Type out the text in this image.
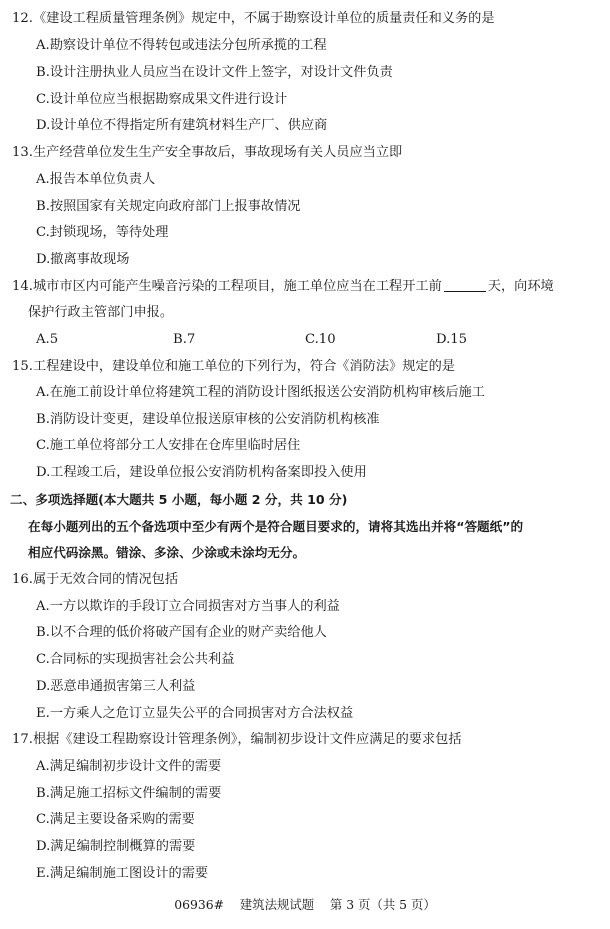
12.《建设工程质量管理条例》规定中，不属于勘察设计单位的质量责任和义务的是
A.勘察设计单位不得转包或违法分包所承揽的工程
B.设计注册执业人员应当在设计文件上签字，对设计文件负责
C.设计单位应当根据勘察成果文件进行设计
D.设计单位不得指定所有建筑材料生产厂、供应商
13.生产经营单位发生生产安全事故后，事故现场有关人员应当立即
A.报告本单位负责人
B.按照国家有关规定向政府部门上报事故情况
C.封锁现场，等待处理
D.撤离事故现场
14.城市市区内可能产生噪音污染的工程项目，施工单位应当在工程开工前	天，向环境
保护行政主管部门申报。
A.5	B.7	C.10	D.15
15.工程建设中，建设单位和施工单位的下列行为，符合《消防法》规定的是
A.在施工前设计单位将建筑工程的消防设计图纸报送公安消防机构审核后施工
B.消防设计变更，建设单位报送原审核的公安消防机构核准
C.施工单位将部分工人安排在仓库里临时居住
D.工程竣工后，建设单位报公安消防机构备案即投入使用
二、多项选择题(本大题共 5 小题，每小题 2 分，共 10 分)
在每小题列出的五个备选项中至少有两个是符合题目要求的，请将其选出并将“答题纸”的
相应代码涂黑。错涂、多涂、少涂或未涂均无分。
16.属于无效合同的情况包括
A.一方以欺诈的手段订立合同损害对方当事人的利益
B.以不合理的低价将破产国有企业的财产卖给他人
C.合同标的实现损害社会公共利益
D.恶意串通损害第三人利益
E.一方乘人之危订立显失公平的合同损害对方合法权益
17.根据《建设工程勘察设计管理条例》，编制初步设计文件应满足的要求包括
A.满足编制初步设计文件的需要
B.满足施工招标文件编制的需要
C.满足主要设备采购的需要
D.满足编制控制概算的需要
E.满足编制施工图设计的需要
06936# 建筑法规试题 第 3 页（共 5 页）
